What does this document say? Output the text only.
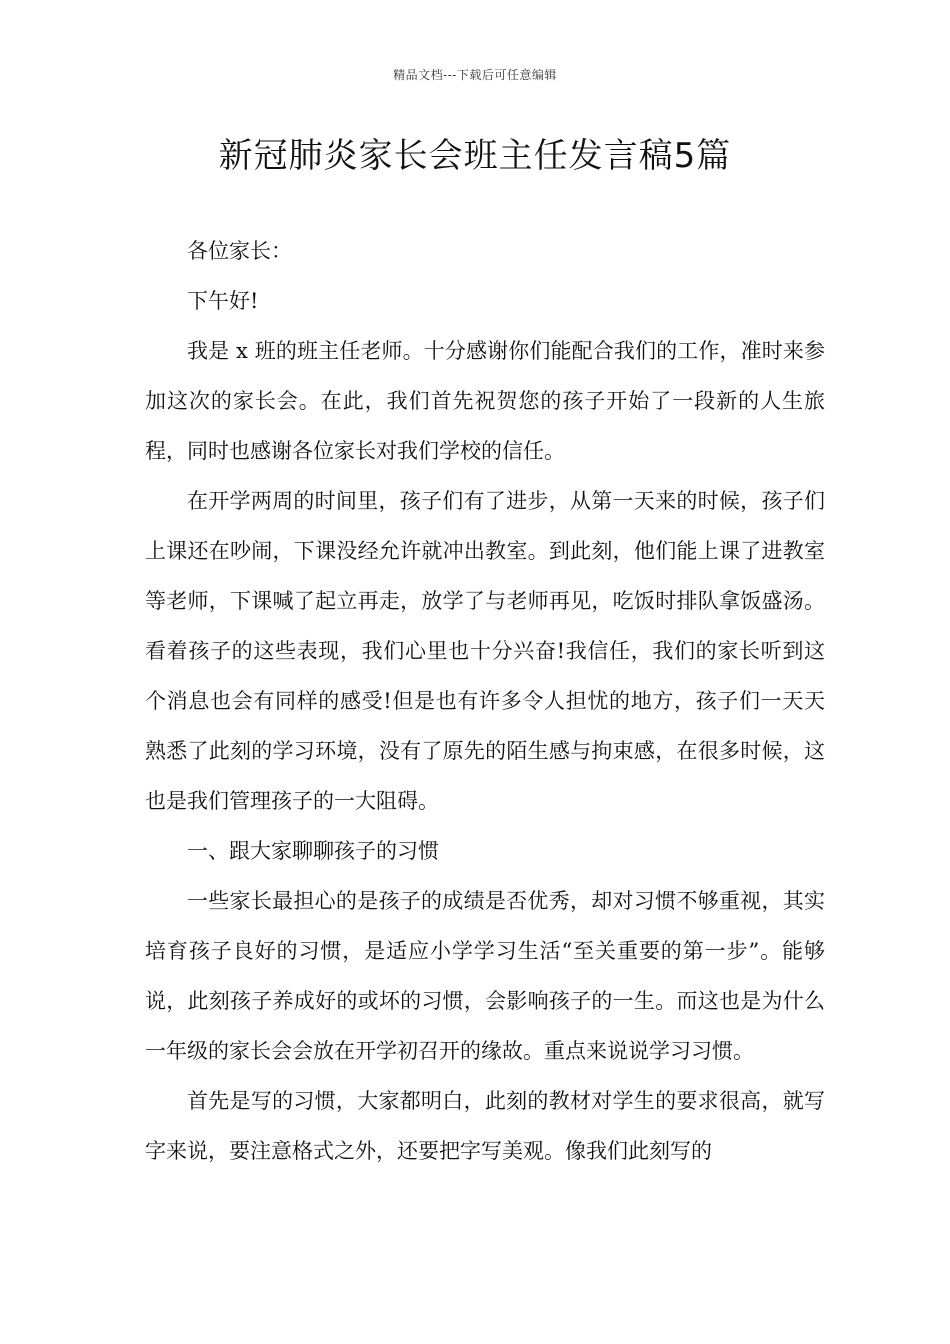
精品文档---下载后可任意编辑
新冠肺炎家长会班主任发言稿5篇

各位家长：

下午好!

我是 x 班的班主任老师。十分感谢你们能配合我们的工作，准时来参加这次的家长会。在此，我们首先祝贺您的孩子开始了一段新的人生旅程，同时也感谢各位家长对我们学校的信任。

在开学两周的时间里，孩子们有了进步，从第一天来的时候，孩子们上课还在吵闹，下课没经允许就冲出教室。到此刻，他们能上课了进教室等老师，下课喊了起立再走，放学了与老师再见，吃饭时排队拿饭盛汤。看着孩子的这些表现，我们心里也十分兴奋!我信任，我们的家长听到这个消息也会有同样的感受!但是也有许多令人担忧的地方，孩子们一天天熟悉了此刻的学习环境，没有了原先的陌生感与拘束感，在很多时候，这也是我们管理孩子的一大阻碍。

一、跟大家聊聊孩子的习惯

一些家长最担心的是孩子的成绩是否优秀，却对习惯不够重视，其实培育孩子良好的习惯，是适应小学学习生活“至关重要的第一步”。能够说，此刻孩子养成好的或坏的习惯，会影响孩子的一生。而这也是为什么一年级的家长会会放在开学初召开的缘故。重点来说说学习习惯。

首先是写的习惯，大家都明白，此刻的教材对学生的要求很高，就写字来说，要注意格式之外，还要把字写美观。像我们此刻写的
